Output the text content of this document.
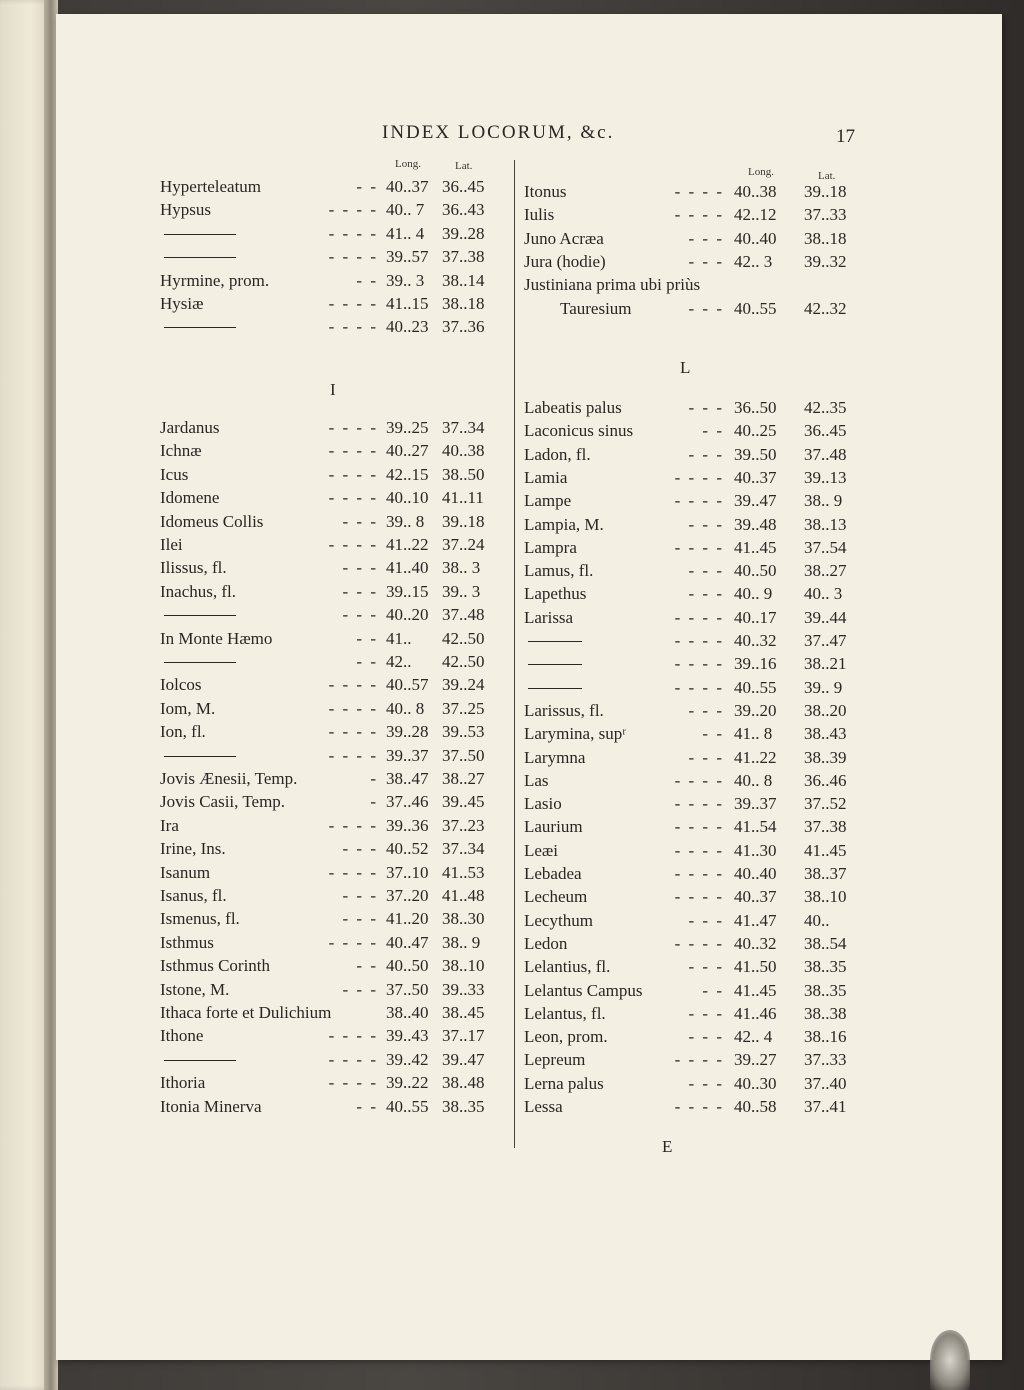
INDEX LOCORUM, &c.	17
Long.	Lat.	Long.	Lat.
I
L
Hyperteleatum	- - 40..37 36..45
Hypsus	- - - - 40.. 7 36..43
- - - - 41.. 4 39..28
- - - - 39..57 37..38
Hyrmine, prom.	- - 39.. 3 38..14
Hysiæ	- - - - 41..15 38..18
- - - - 40..23 37..36
Jardanus	- - - - 39..25 37..34
Ichnæ	- - - - 40..27 40..38
Icus	- - - - 42..15 38..50
Idomene	- - - - 40..10 41..11
Idomeus Collis	- - - 39.. 8 39..18
Ilei	- - - - 41..22 37..24
Ilissus, fl.	- - - 41..40 38.. 3
Inachus, fl.	- - - 39..15 39.. 3
- - - 40..20 37..48
In Monte Hæmo	- - 41.. 42..50
- - 42.. 42..50
Iolcos	- - - - 40..57 39..24
Iom, M.	- - - - 40.. 8 37..25
Ion, fl.	- - - - 39..28 39..53
- - - - 39..37 37..50
Jovis Ænesii, Temp.	- 38..47 38..27
Jovis Casii, Temp.	- 37..46 39..45
Ira	- - - - 39..36 37..23
Irine, Ins.	- - - 40..52 37..34
Isanum	- - - - 37..10 41..53
Isanus, fl.	- - - 37..20 41..48
Ismenus, fl.	- - - 41..20 38..30
Isthmus	- - - - 40..47 38.. 9
Isthmus Corinth	- - 40..50 38..10
Istone, M.	- - - 37..50 39..33
Ithaca forte et Dulichium	38..40 38..45
Ithone	- - - - 39..43 37..17
- - - - 39..42 39..47
Ithoria	- - - - 39..22 38..48
Itonia Minerva	- - 40..55 38..35
Itonus	- - - - 40..38 39..18
Iulis	- - - - 42..12 37..33
Juno Acræa	- - - 40..40 38..18
Jura (hodie)	- - - 42.. 3 39..32
Justiniana prima ubi priùs
Tauresium	- - - 40..55 42..32
Labeatis palus	- - - 36..50 42..35
Laconicus sinus	- - 40..25 36..45
Ladon, fl.	- - - 39..50 37..48
Lamia	- - - - 40..37 39..13
Lampe	- - - - 39..47 38.. 9
Lampia, M.	- - - 39..48 38..13
Lampra	- - - - 41..45 37..54
Lamus, fl.	- - - 40..50 38..27
Lapethus	- - - 40.. 9 40.. 3
Larissa	- - - - 40..17 39..44
- - - - 40..32 37..47
- - - - 39..16 38..21
- - - - 40..55 39.. 9
Larissus, fl.	- - - 39..20 38..20
Larymina, supʳ	- - 41.. 8 38..43
Larymna	- - - 41..22 38..39
Las	- - - - 40.. 8 36..46
Lasio	- - - - 39..37 37..52
Laurium	- - - - 41..54 37..38
Leæi	- - - - 41..30 41..45
Lebadea	- - - - 40..40 38..37
Lecheum	- - - - 40..37 38..10
Lecythum	- - - 41..47 40..
Ledon	- - - - 40..32 38..54
Lelantius, fl.	- - - 41..50 38..35
Lelantus Campus	- - 41..45 38..35
Lelantus, fl.	- - - 41..46 38..38
Leon, prom.	- - - 42.. 4 38..16
Lepreum	- - - - 39..27 37..33
Lerna palus	- - - 40..30 37..40
Lessa	- - - - 40..58 37..41
E
